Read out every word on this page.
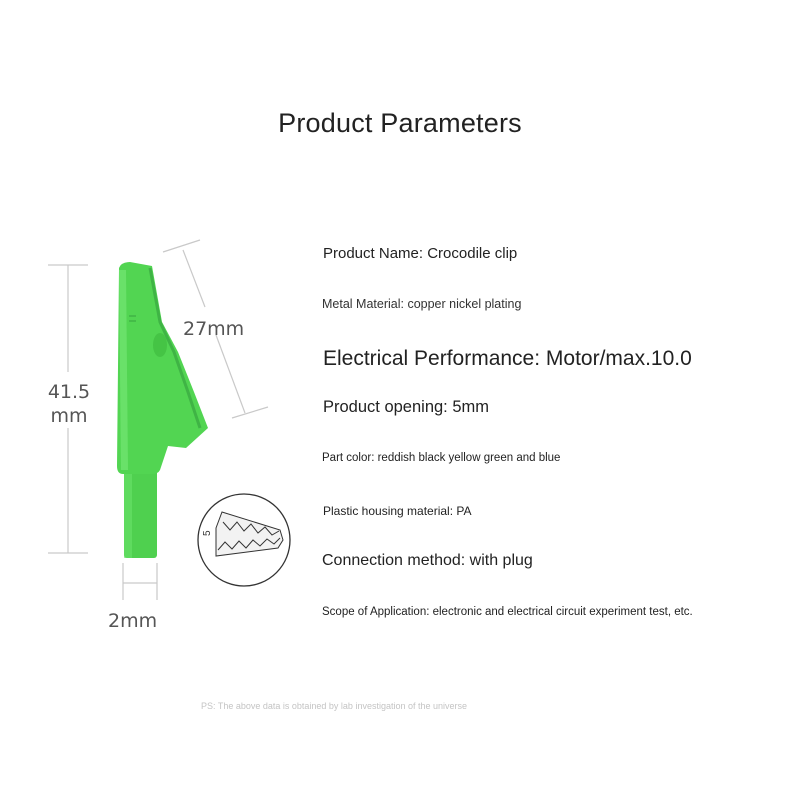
Product Parameters
5
41.5
mm
27mm
2mm
Product Name: Crocodile clip
Metal Material: copper nickel plating
Electrical Performance: Motor/max.10.0
Product opening: 5mm
Part color: reddish black yellow green and blue
Plastic housing material: PA
Connection method: with plug
Scope of Application: electronic and electrical circuit experiment test, etc.
PS: The above data is obtained by lab investigation of the universe
